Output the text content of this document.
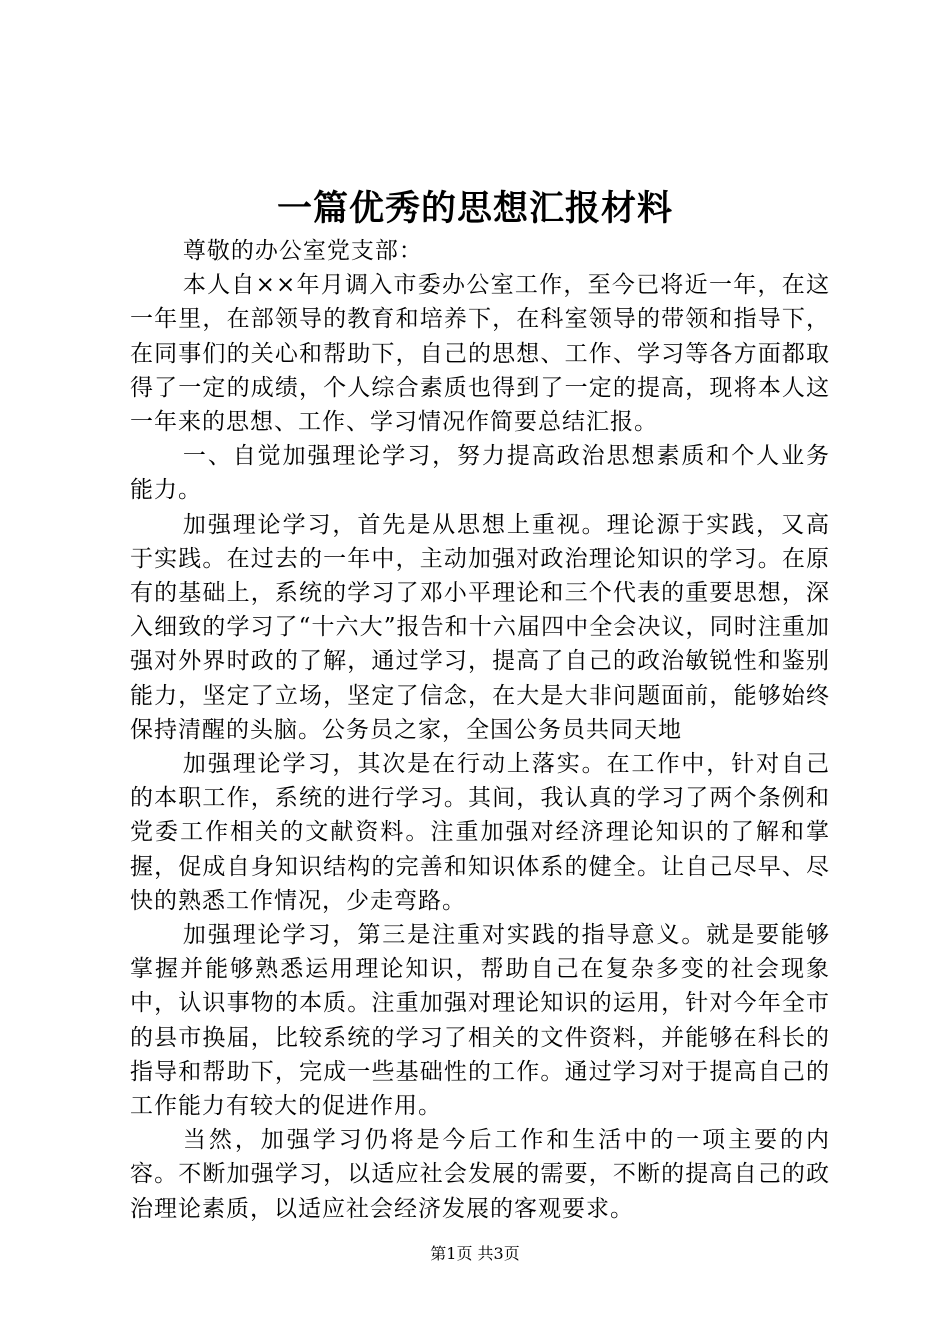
一篇优秀的思想汇报材料

尊敬的办公室党支部：

本人自××年月调入市委办公室工作，至今已将近一年，在这一年里，在部领导的教育和培养下，在科室领导的带领和指导下，在同事们的关心和帮助下，自己的思想、工作、学习等各方面都取得了一定的成绩，个人综合素质也得到了一定的提高，现将本人这一年来的思想、工作、学习情况作简要总结汇报。

一、自觉加强理论学习，努力提高政治思想素质和个人业务能力。

加强理论学习，首先是从思想上重视。理论源于实践，又高于实践。在过去的一年中，主动加强对政治理论知识的学习。在原有的基础上，系统的学习了邓小平理论和三个代表的重要思想，深入细致的学习了“十六大”报告和十六届四中全会决议，同时注重加强对外界时政的了解，通过学习，提高了自己的政治敏锐性和鉴别能力，坚定了立场，坚定了信念，在大是大非问题面前，能够始终保持清醒的头脑。公务员之家，全国公务员共同天地

加强理论学习，其次是在行动上落实。在工作中，针对自己的本职工作，系统的进行学习。其间，我认真的学习了两个条例和党委工作相关的文献资料。注重加强对经济理论知识的了解和掌握，促成自身知识结构的完善和知识体系的健全。让自己尽早、尽快的熟悉工作情况，少走弯路。

加强理论学习，第三是注重对实践的指导意义。就是要能够掌握并能够熟悉运用理论知识，帮助自己在复杂多变的社会现象中，认识事物的本质。注重加强对理论知识的运用，针对今年全市的县市换届，比较系统的学习了相关的文件资料，并能够在科长的指导和帮助下，完成一些基础性的工作。通过学习对于提高自己的工作能力有较大的促进作用。

当然，加强学习仍将是今后工作和生活中的一项主要的内容。不断加强学习，以适应社会发展的需要，不断的提高自己的政治理论素质，以适应社会经济发展的客观要求。

第1页 共3页
